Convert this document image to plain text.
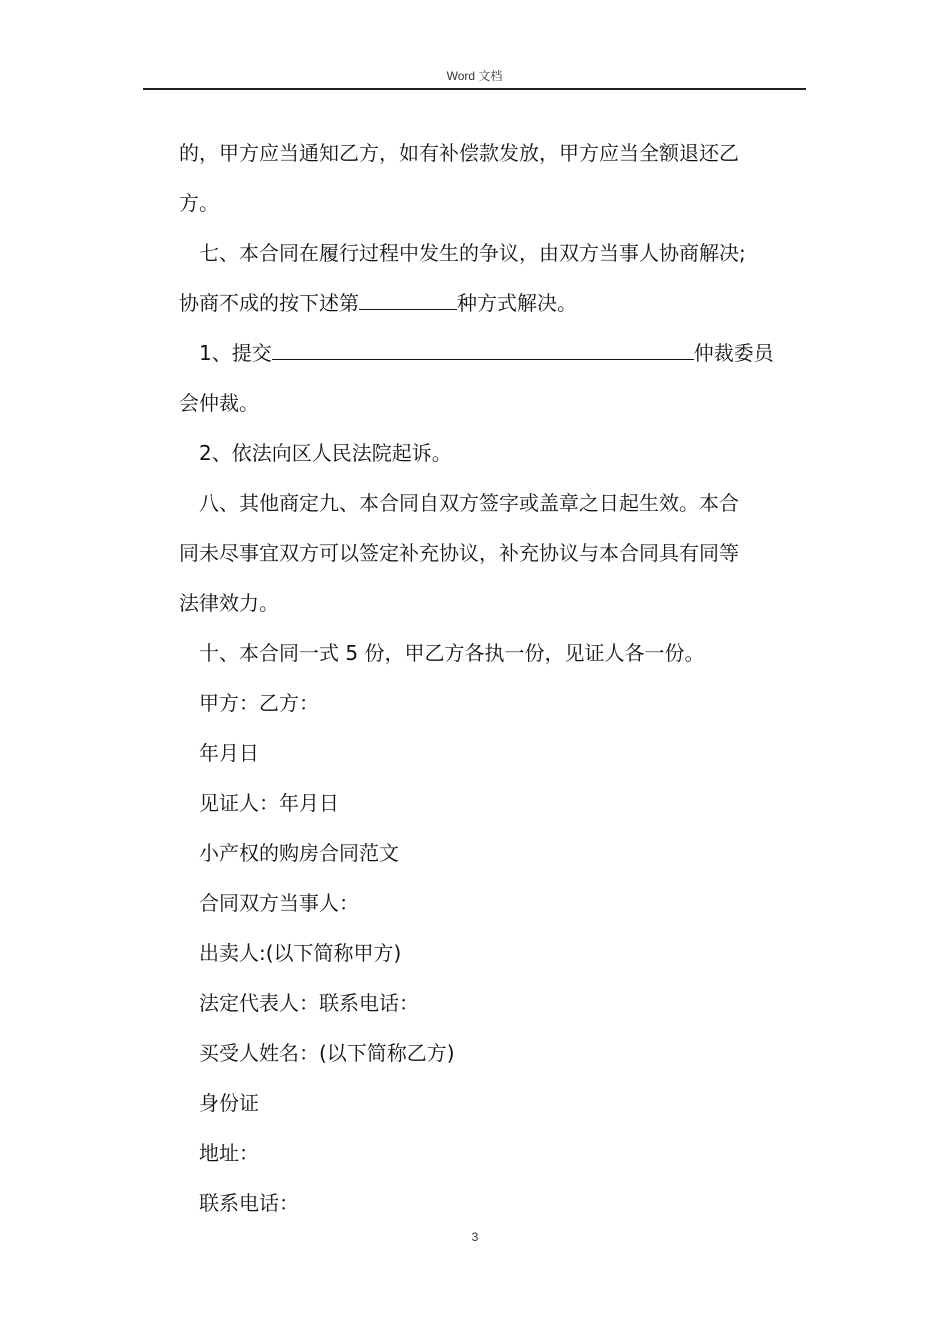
Word 文档
的，甲方应当通知乙方，如有补偿款发放，甲方应当全额退还乙
方。
七、本合同在履行过程中发生的争议，由双方当事人协商解决;
协商不成的按下述第	种方式解决。
1、提交	仲裁委员
会仲裁。
2、依法向区人民法院起诉。
八、其他商定九、本合同自双方签字或盖章之日起生效。本合
同未尽事宜双方可以签定补充协议，补充协议与本合同具有同等
法律效力。
十、本合同一式 5 份，甲乙方各执一份，见证人各一份。
甲方：乙方：
年月日
见证人：年月日
小产权的购房合同范文
合同双方当事人：
出卖人:(以下简称甲方)
法定代表人：联系电话：
买受人姓名：(以下简称乙方)
身份证
地址：
联系电话：
3
